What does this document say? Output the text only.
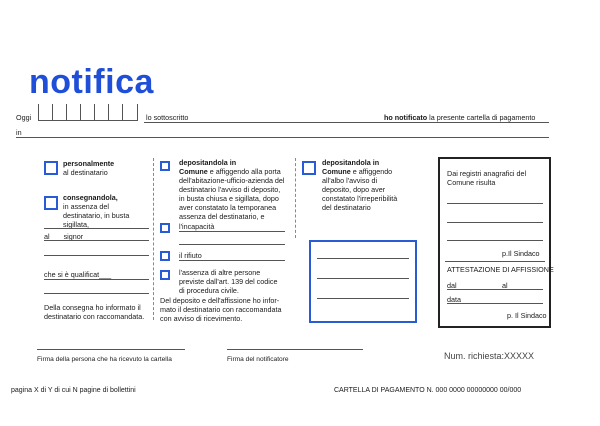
notifica
Oggi	lo sottoscritto	ho notificato la presente cartella di pagamento
in
personalmente
al destinatario
consegnandola,
in assenza del
destinatario, in busta
sigillata,
al___ signor___
che si è qualificat___
Della consegna ho informato il
destinatario con raccomandata.
depositandola in
Comune e affiggendo alla porta
dell'abitazione-ufficio-azienda del
destinatario l'avviso di deposito,
in busta chiusa e sigillata, dopo
aver constatato la temporanea
assenza del destinatario, e
l'incapacità
il rifiuto
l'assenza di altre persone
previste dall'art. 139 del codice
di procedura civile.
Del deposito e dell'affissione ho infor-
mato il destinatario con raccomandata
con avviso di ricevimento.
depositandola in
Comune e affiggendo
all'albo l'avviso di
deposito, dopo aver
constatato l'irreperibilità
del destinatario
Dai registri anagrafici del
Comune risulta
p.Il Sindaco
ATTESTAZIONE DI AFFISSIONE
dal	al
data
p. Il Sindaco
Firma della persona che ha ricevuto la cartella	Firma del notificatore	Num. richiesta:XXXXX
pagina X di Y di cui N pagine di bollettini	CARTELLA DI PAGAMENTO N. 000 0000 00000000 00/000
